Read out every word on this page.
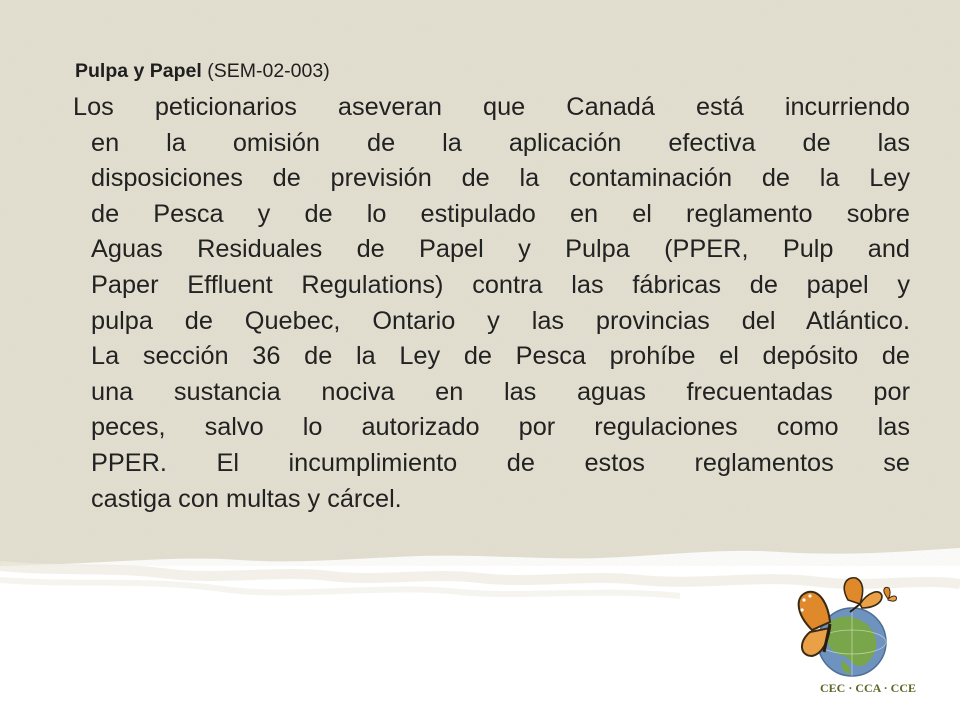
Pulpa y Papel (SEM-02-003)
Los peticionarios aseveran que Canadá está incurriendo
en la omisión de la aplicación efectiva de las
disposiciones de previsión de la contaminación de la Ley
de Pesca y de lo estipulado en el reglamento sobre
Aguas Residuales de Papel y Pulpa (PPER, Pulp and
Paper Effluent Regulations) contra las fábricas de papel y
pulpa de Quebec, Ontario y las provincias del Atlántico.
La sección 36 de la Ley de Pesca prohíbe el depósito de
una sustancia nociva en las aguas frecuentadas por
peces, salvo lo autorizado por regulaciones como las
PPER. El incumplimiento de estos reglamentos se
castiga con multas y cárcel.
CEC · CCA · CCE
